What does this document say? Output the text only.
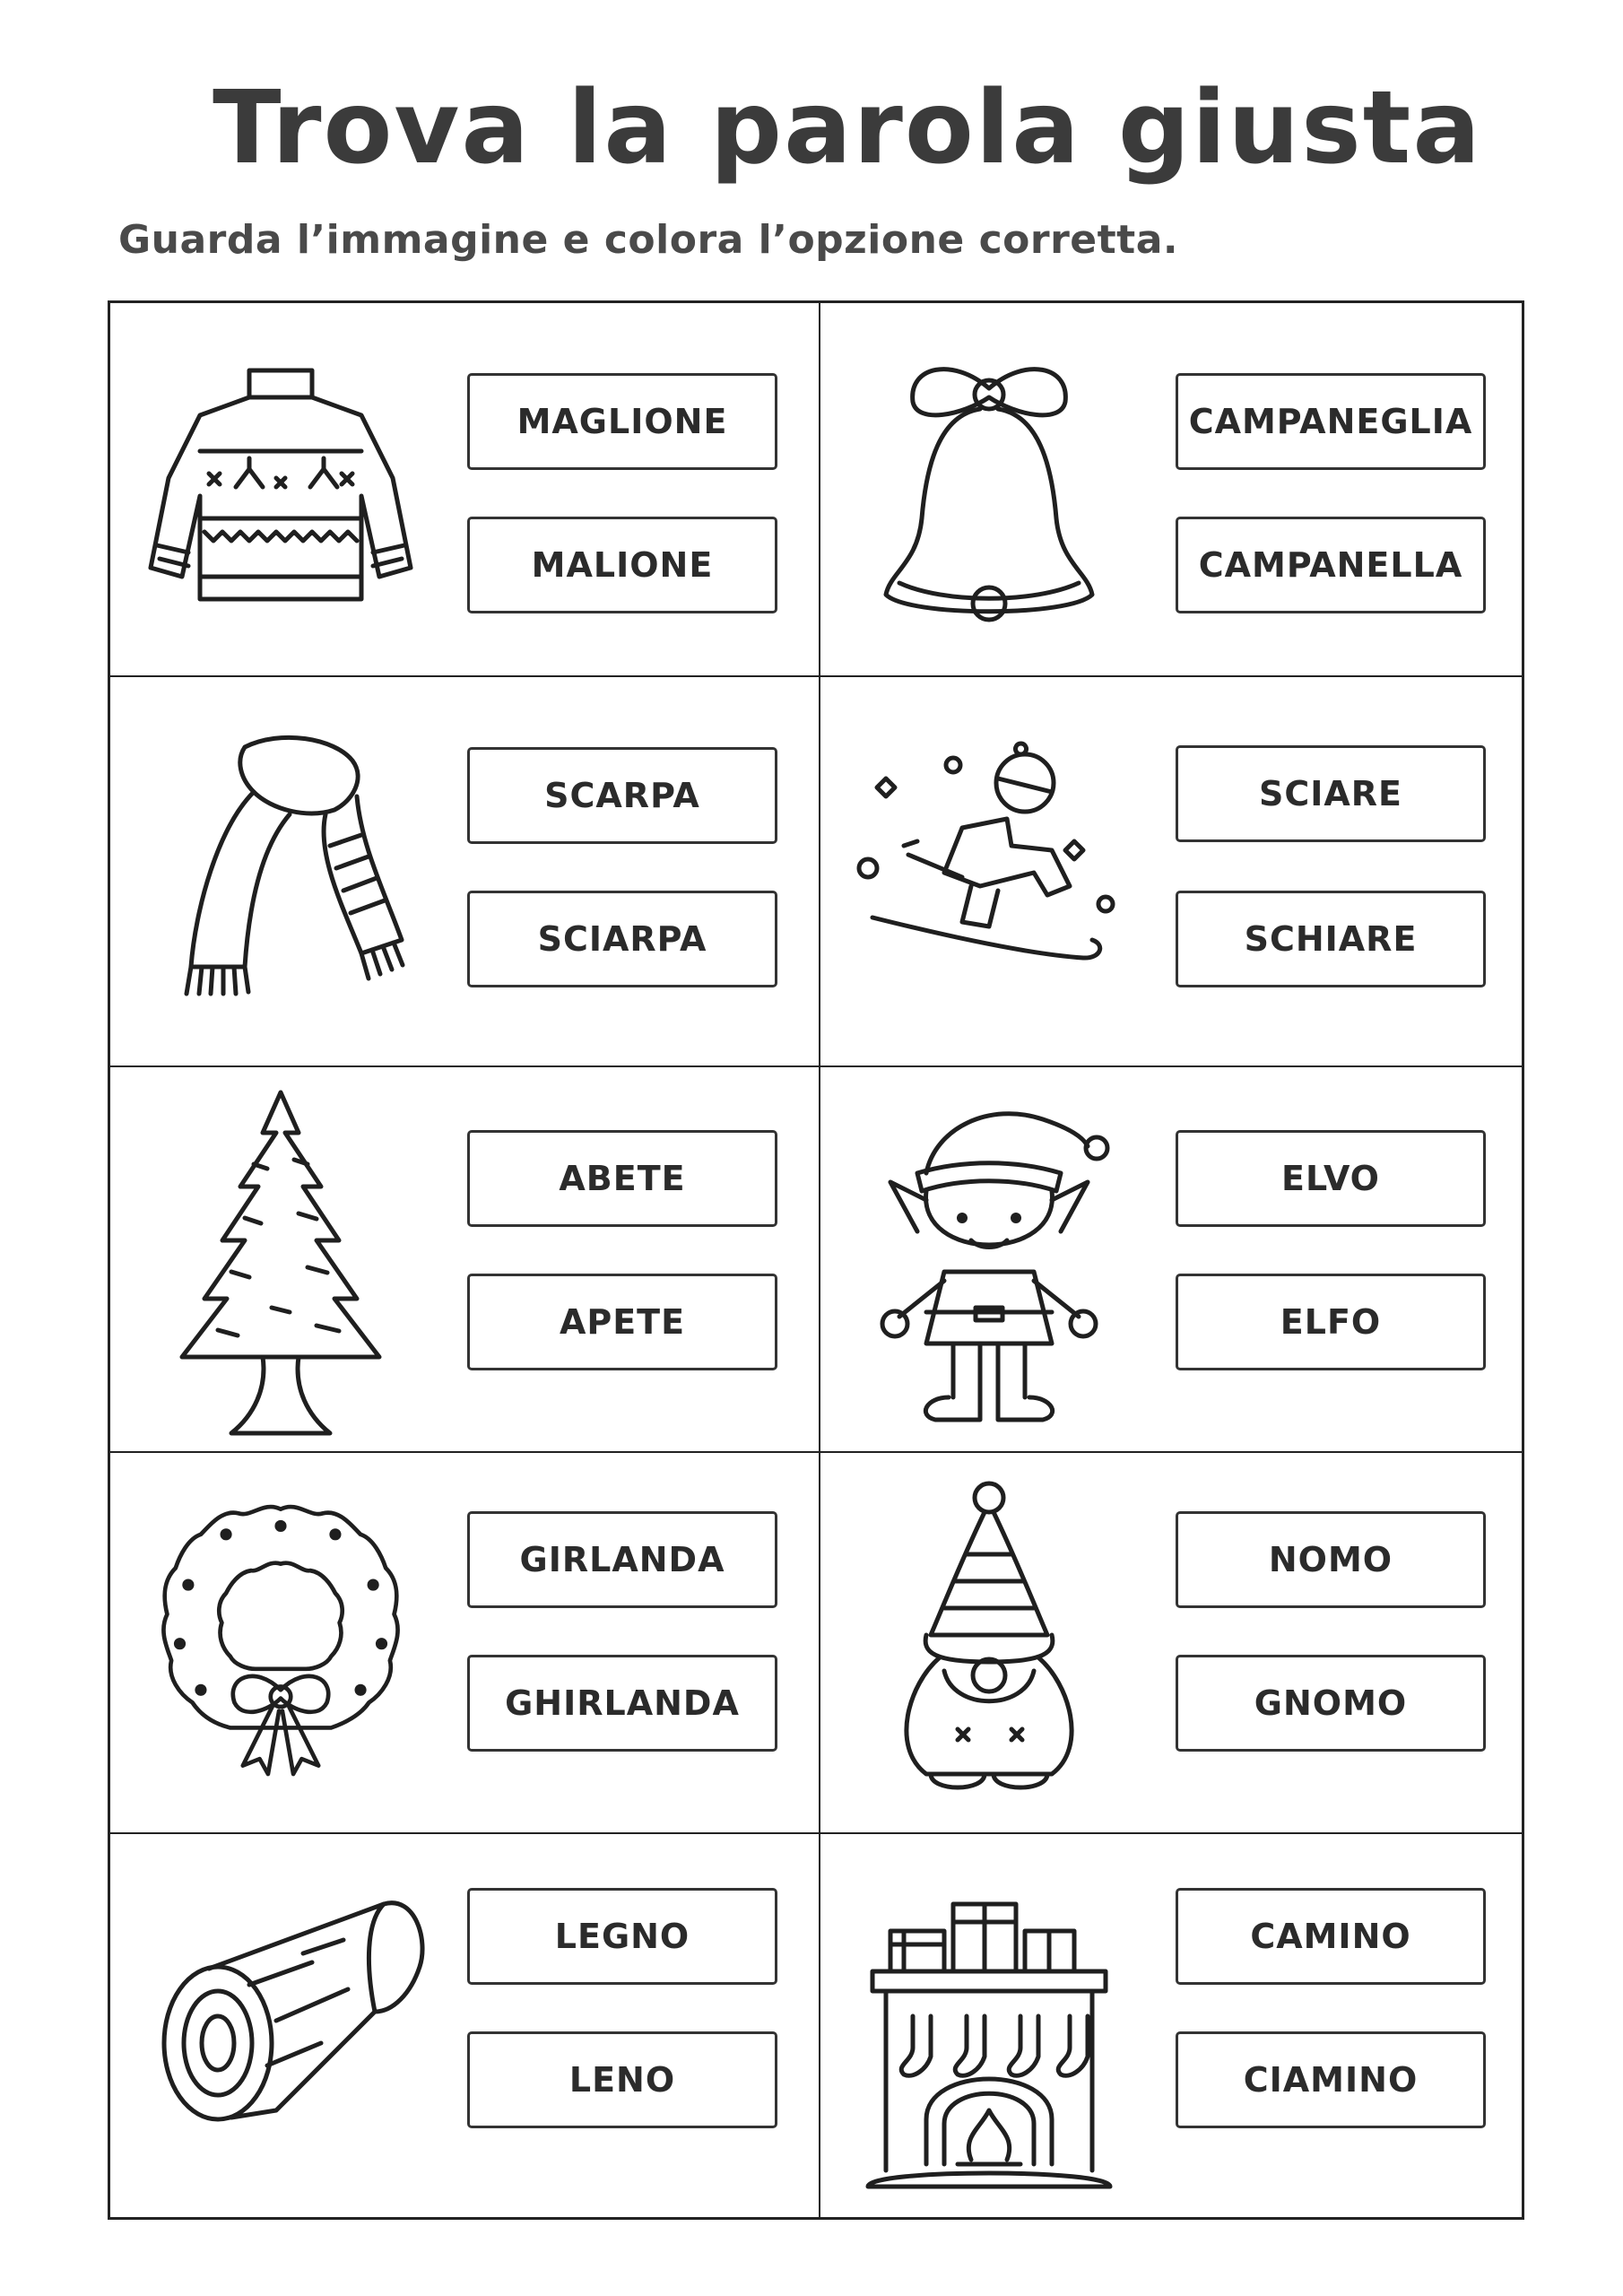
Trova la parola giusta
Guarda l’immagine e colora l’opzione corretta.
MAGLIONE
MALIONE
CAMPANEGLIA
CAMPANELLA
SCARPA
SCIARPA
SCIARE
SCHIARE
ABETE
APETE
ELVO
ELFO
GIRLANDA
GHIRLANDA
NOMO
GNOMO
LEGNO
LENO
CAMINO
CIAMINO
